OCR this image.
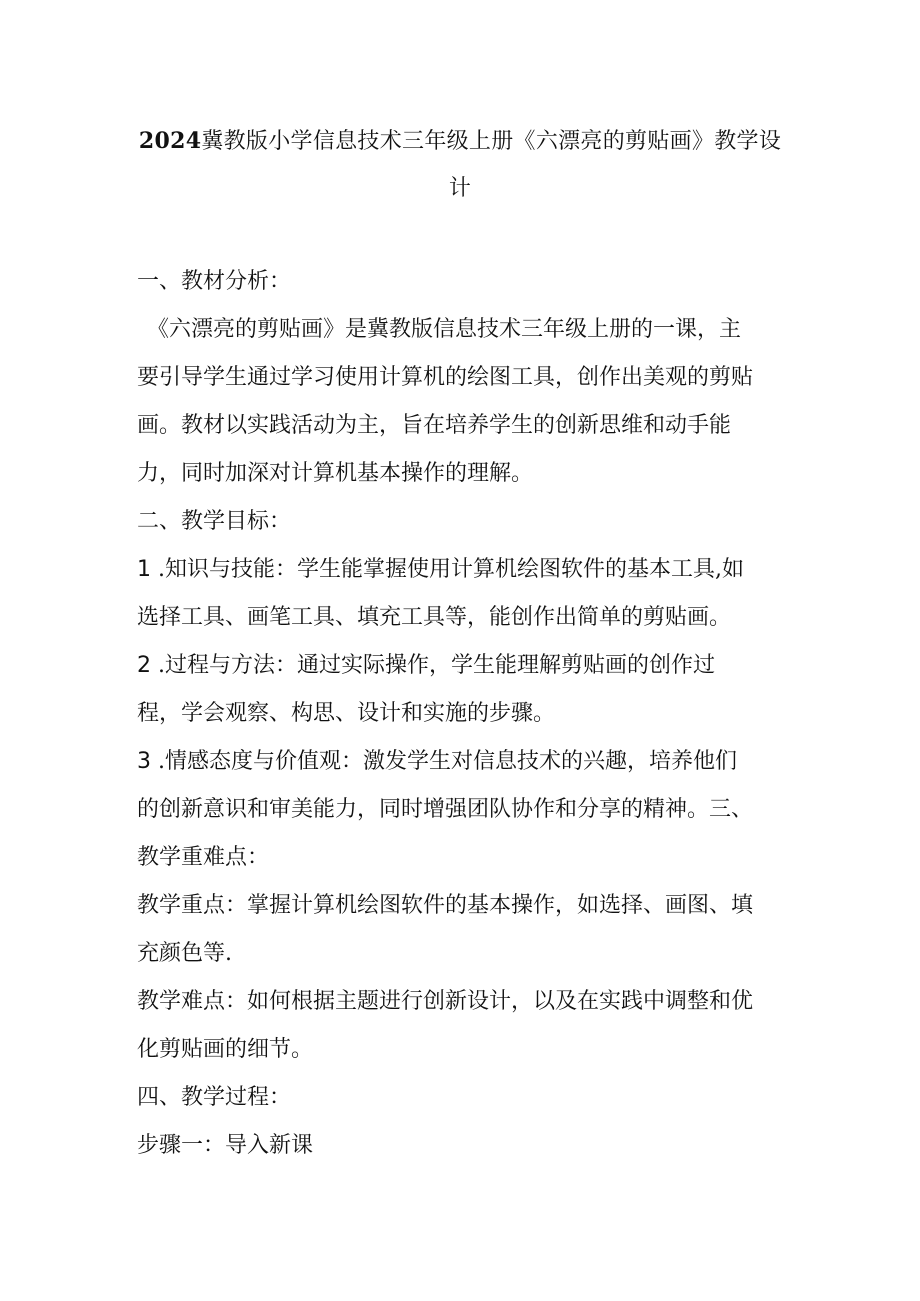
2024冀教版小学信息技术三年级上册《六漂亮的剪贴画》教学设
计
一、教材分析：
《六漂亮的剪贴画》是冀教版信息技术三年级上册的一课，主
要引导学生通过学习使用计算机的绘图工具，创作出美观的剪贴
画。教材以实践活动为主，旨在培养学生的创新思维和动手能
力，同时加深对计算机基本操作的理解。
二、教学目标：
1 .知识与技能：学生能掌握使用计算机绘图软件的基本工具,如
选择工具、画笔工具、填充工具等，能创作出简单的剪贴画。
2 .过程与方法：通过实际操作，学生能理解剪贴画的创作过
程，学会观察、构思、设计和实施的步骤。
3 .情感态度与价值观：激发学生对信息技术的兴趣，培养他们
的创新意识和审美能力，同时增强团队协作和分享的精神。三、
教学重难点：
教学重点：掌握计算机绘图软件的基本操作，如选择、画图、填
充颜色等.
教学难点：如何根据主题进行创新设计，以及在实践中调整和优
化剪贴画的细节。
四、教学过程：
步骤一：导入新课
